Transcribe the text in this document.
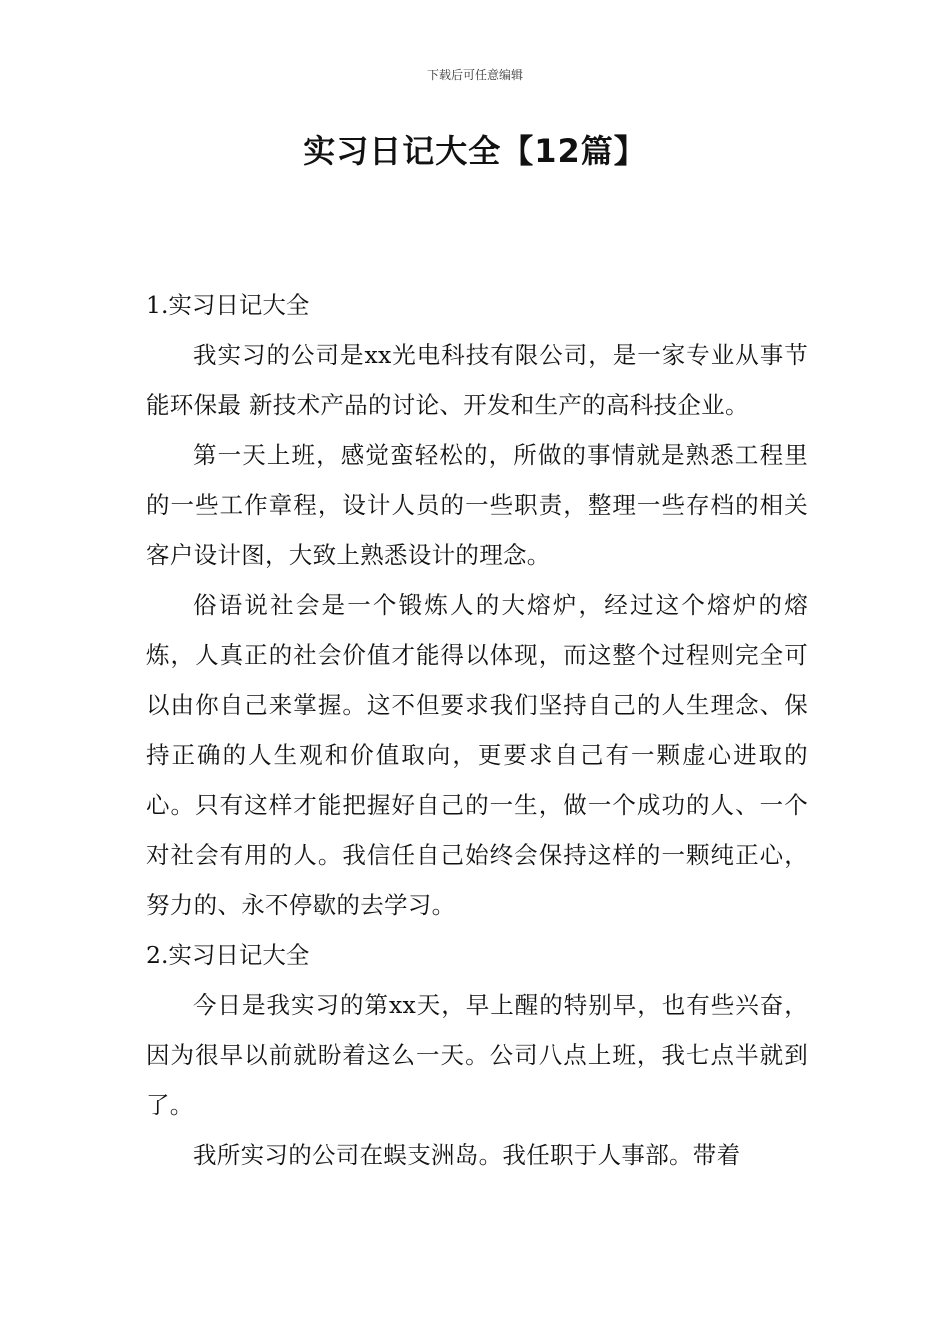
下载后可任意编辑
实习日记大全【12篇】
1.实习日记大全

我实习的公司是xx光电科技有限公司，是一家专业从事节能环保最 新技术产品的讨论、开发和生产的高科技企业。

第一天上班，感觉蛮轻松的，所做的事情就是熟悉工程里的一些工作章程，设计人员的一些职责，整理一些存档的相关客户设计图，大致上熟悉设计的理念。

俗语说社会是一个锻炼人的大熔炉，经过这个熔炉的熔炼，人真正的社会价值才能得以体现，而这整个过程则完全可以由你自己来掌握。这不但要求我们坚持自己的人生理念、保持正确的人生观和价值取向，更要求自己有一颗虚心进取的心。只有这样才能把握好自己的一生，做一个成功的人、一个对社会有用的人。我信任自己始终会保持这样的一颗纯正心，努力的、永不停歇的去学习。

2.实习日记大全

今日是我实习的第xx天，早上醒的特别早，也有些兴奋，因为很早以前就盼着这么一天。公司八点上班，我七点半就到了。

我所实习的公司在蜈支洲岛。我任职于人事部。带着
